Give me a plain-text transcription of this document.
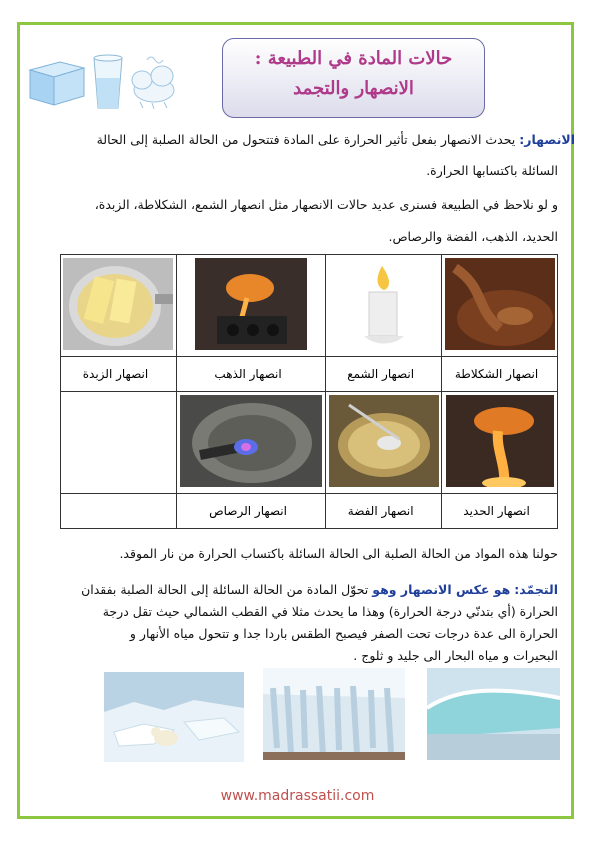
حالات المادة في الطبيعة :
الانصهار والتجمد
الانصهار: يحدث الانصهار بفعل تأثير الحرارة على المادة فتتحول من الحالة الصلبة إلى الحالة
السائلة باكتسابها الحرارة.
و لو نلاحظ في الطبيعة فسنرى عديد حالات الانصهار مثل انصهار الشمع، الشكلاطة، الزبدة،
الحديد، الذهب، الفضة والرصاص.

انصهار الشكلاطة	انصهار الشمع	انصهار الذهب	انصهار الزبدة

انصهار الحديد	انصهار الفضة	انصهار الرصاص	

حولنا هذه المواد من الحالة الصلبة الى الحالة السائلة باكتساب الحرارة من نار الموقد.
التجمّد: هو عكس الانصهار وهو تحوّل المادة من الحالة السائلة إلى الحالة الصلبة بفقدان
الحرارة (أي بتدنّي درجة الحرارة) وهذا ما يحدث مثلا في القطب الشمالي حيث تقل درجة
الحرارة الى عدة درجات تحت الصفر فيصبح الطقس باردا جدا و تتحول مياه الأنهار و
البحيرات و مياه البحار الى جليد و ثلوج .
www.madrassatii.com
